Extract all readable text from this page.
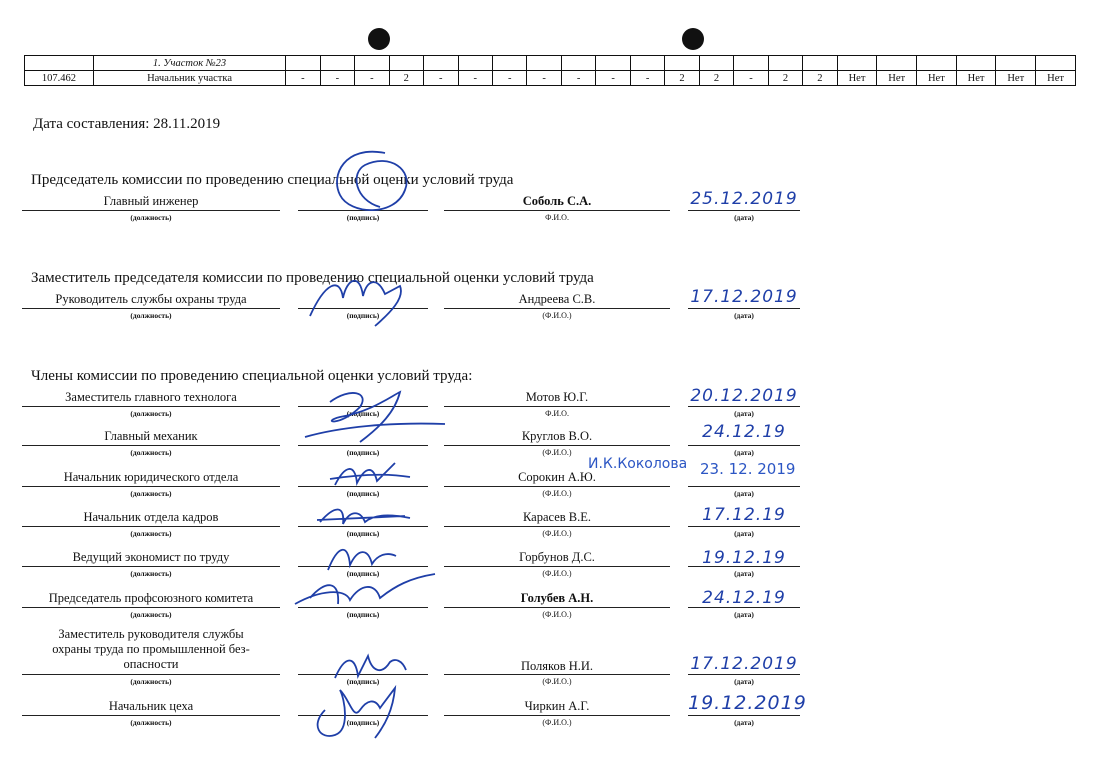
	1. Участок №23																						
107.462	Начальник участка	-	-	-	2	-	-	-	-	-	-	-	2	2	-	2	2	Нет	Нет	Нет	Нет	Нет	Нет
Дата составления: 28.11.2019
Председатель комиссии по проведению специальной оценки условий труда
Главный инженер
(должность)	(подпись)
Соболь С.А.
Ф.И.О.
25.12.2019
(дата)
Заместитель председателя комиссии по проведению специальной оценки условий труда
Руководитель службы охраны труда
(должность)	(подпись)
Андреева С.В.
(Ф.И.О.)
17.12.2019
(дата)
Члены комиссии по проведению специальной оценки условий труда:
Заместитель главного технолога
(должность)	(подпись)
Мотов Ю.Г.
Ф.И.О.
20.12.2019
(дата)
Главный механик
(должность)	(подпись)
Круглов В.О.
(Ф.И.О.)
24.12.19
(дата)
Начальник юридического отдела
(должность)	(подпись)
Сорокин А.Ю.
(Ф.И.О.)
И.К.Коколова 23. 12. 2019
(дата)
Начальник отдела кадров
(должность)	(подпись)
Карасев В.Е.
(Ф.И.О.)
17.12.19
(дата)
Ведущий экономист по труду
(должность)	(подпись)
Горбунов Д.С.
(Ф.И.О.)
19.12.19
(дата)
Председатель профсоюзного комитета
(должность)	(подпись)
Голубев А.Н.
(Ф.И.О.)
24.12.19
(дата)
Заместитель руководителя службы
охраны труда по промышленной без-
опасности
(должность)	(подпись)
Поляков Н.И.
(Ф.И.О.)
17.12.2019
(дата)
Начальник цеха
(должность)	(подпись)
Чиркин А.Г.
(Ф.И.О.)
19.12.2019
(дата)
